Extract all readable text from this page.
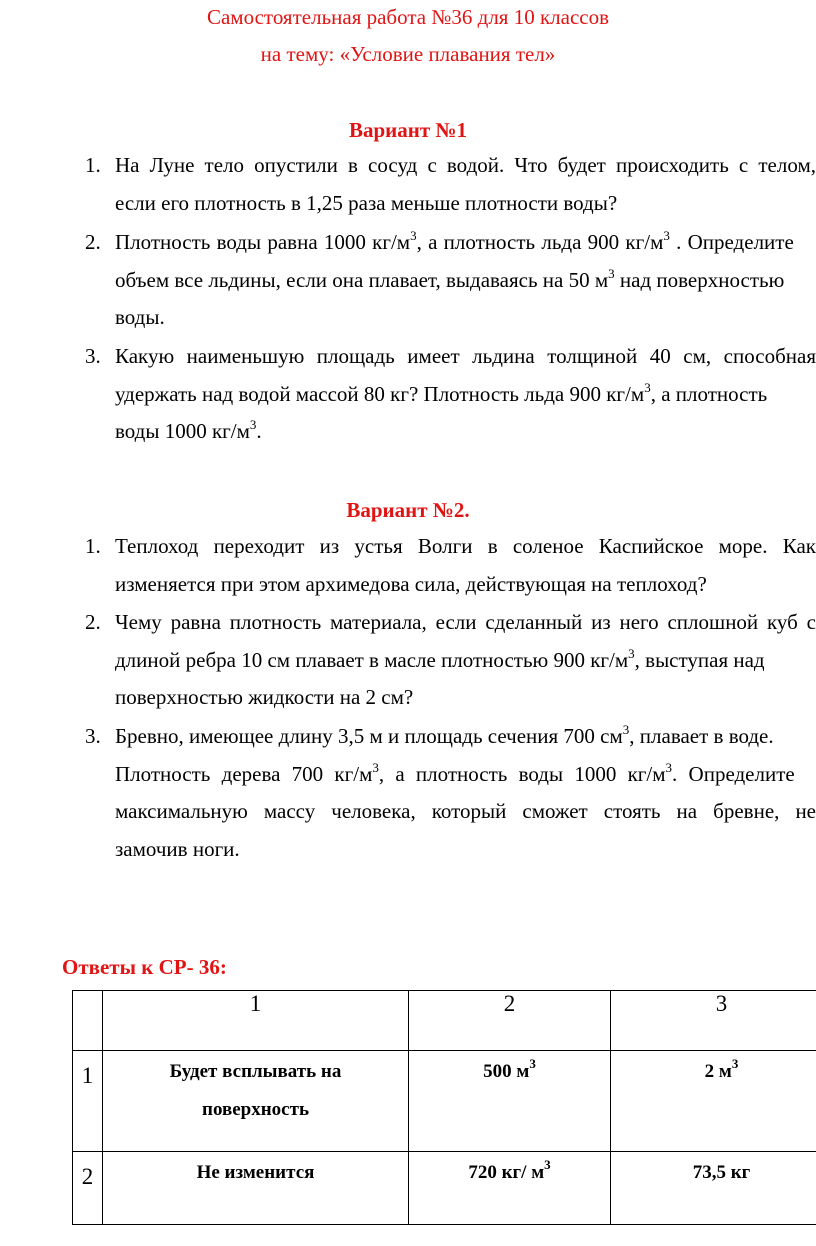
Самостоятельная работа №36 для 10 классов
на тему: «Условие плавания тел»
Вариант №1
1. На Луне тело опустили в сосуд с водой. Что будет происходить с телом,
если его плотность в 1,25 раза меньше плотности воды?
2. Плотность воды равна 1000 $кг/м^3$, а плотность льда 900 $кг/м^3$ . Определите
объем все льдины, если она плавает, выдаваясь на 50 $м^3$ над поверхностью
воды.
3. Какую наименьшую площадь имеет льдина толщиной 40 см, способная
удержать над водой массой 80 кг? Плотность льда 900 $кг/м^3$, а плотность
воды 1000 $кг/м^3$.
Вариант №2.
1. Теплоход переходит из устья Волги в соленое Каспийское море. Как
изменяется при этом архимедова сила, действующая на теплоход?
2. Чему равна плотность материала, если сделанный из него сплошной куб с
длиной ребра 10 см плавает в масле плотностью 900 $кг/м^3$, выступая над
поверхностью жидкости на 2 см?
3. Бревно, имеющее длину 3,5 м и площадь сечения 700 $см^3$, плавает в воде.
Плотность дерева 700 $кг/м^3$, а плотность воды 1000 $кг/м^3$. Определите
максимальную массу человека, который сможет стоять на бревне, не
замочив ноги.
Ответы к СР- 36:
	1	2	3
1	Будет всплывать на
поверхность	500 $м^3$	2 $м^3$
2	Не изменится	720 кг/ $м^3$	73,5 кг
